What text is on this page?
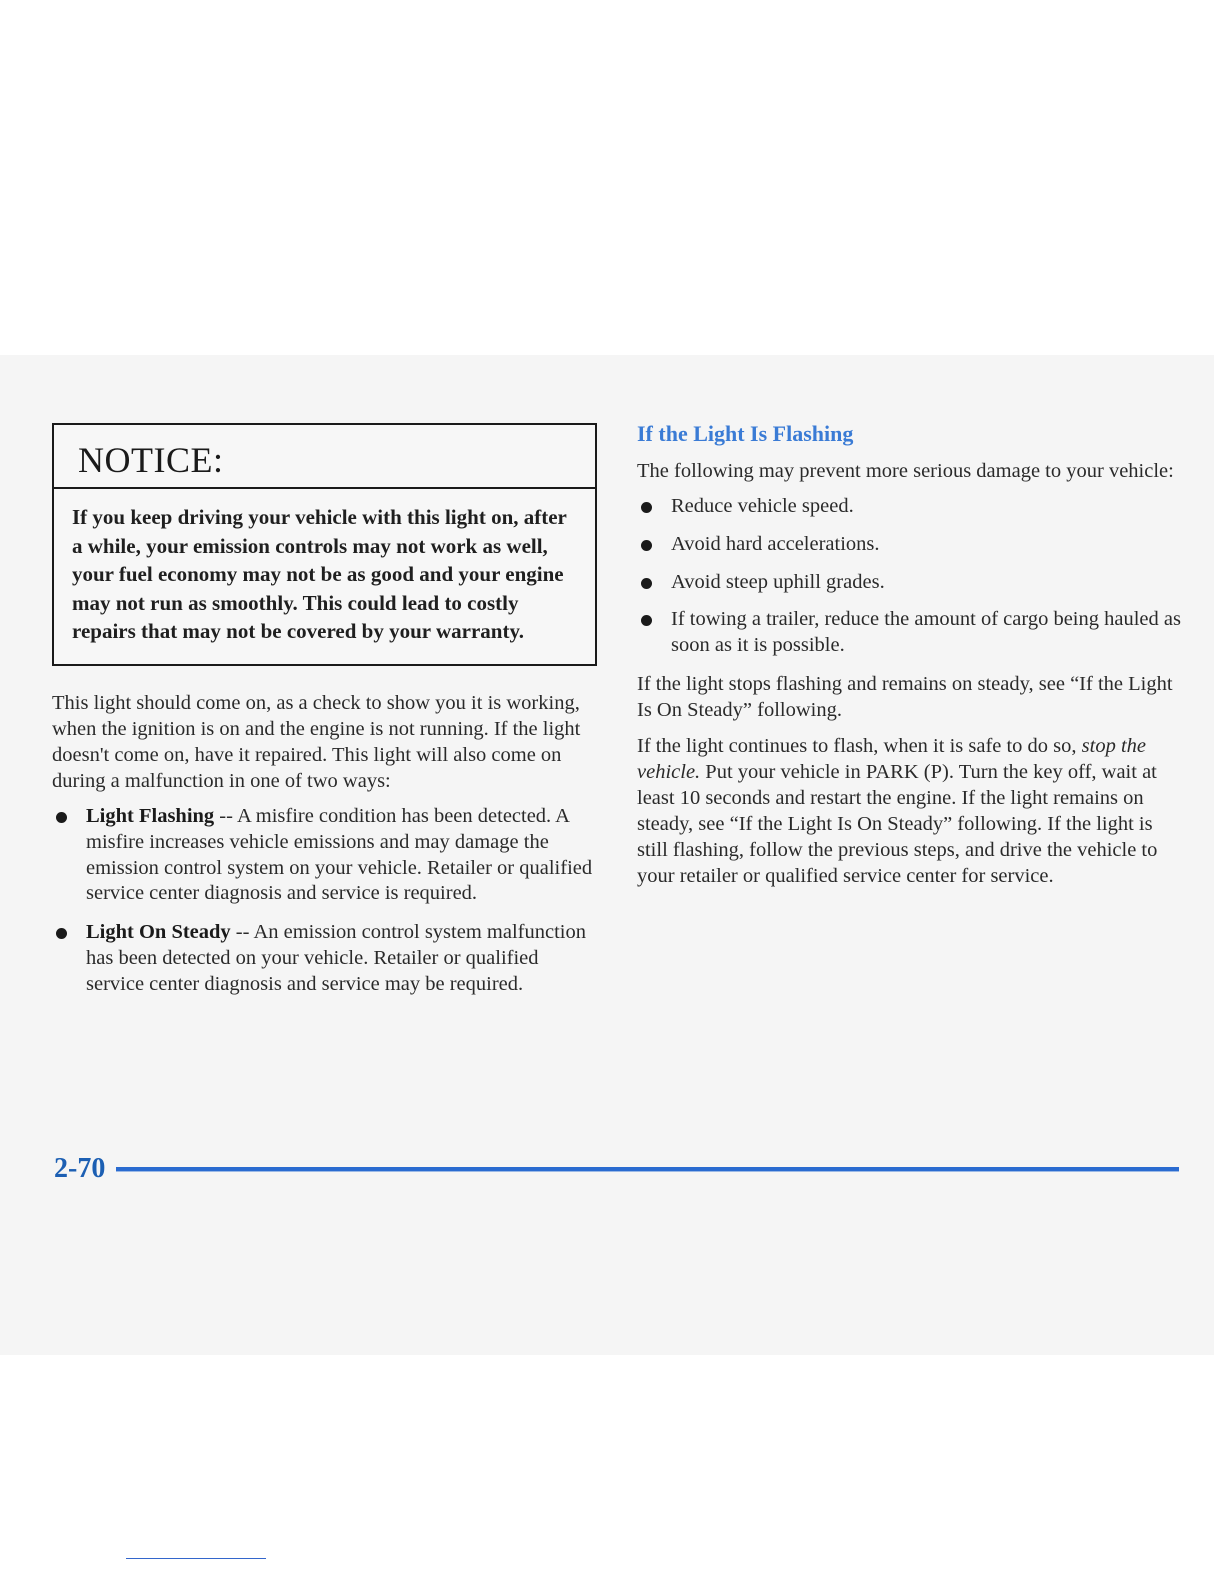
NOTICE:
If you keep driving your vehicle with this light on, after a while, your emission controls may not work as well, your fuel economy may not be as good and your engine may not run as smoothly. This could lead to costly repairs that may not be covered by your warranty.

This light should come on, as a check to show you it is working, when the ignition is on and the engine is not running. If the light doesn't come on, have it repaired. This light will also come on during a malfunction in one of two ways:

Light Flashing -- A misfire condition has been detected. A misfire increases vehicle emissions and may damage the emission control system on your vehicle. Retailer or qualified service center diagnosis and service is required.
Light On Steady -- An emission control system malfunction has been detected on your vehicle. Retailer or qualified service center diagnosis and service may be required.
If the Light Is Flashing

The following may prevent more serious damage to your vehicle:

Reduce vehicle speed.
Avoid hard accelerations.
Avoid steep uphill grades.
If towing a trailer, reduce the amount of cargo being hauled as soon as it is possible.

If the light stops flashing and remains on steady, see “If the Light Is On Steady” following.

If the light continues to flash, when it is safe to do so, stop the vehicle. Put your vehicle in PARK (P). Turn the key off, wait at least 10 seconds and restart the engine. If the light remains on steady, see “If the Light Is On Steady” following. If the light is still flashing, follow the previous steps, and drive the vehicle to your retailer or qualified service center for service.

2-70
